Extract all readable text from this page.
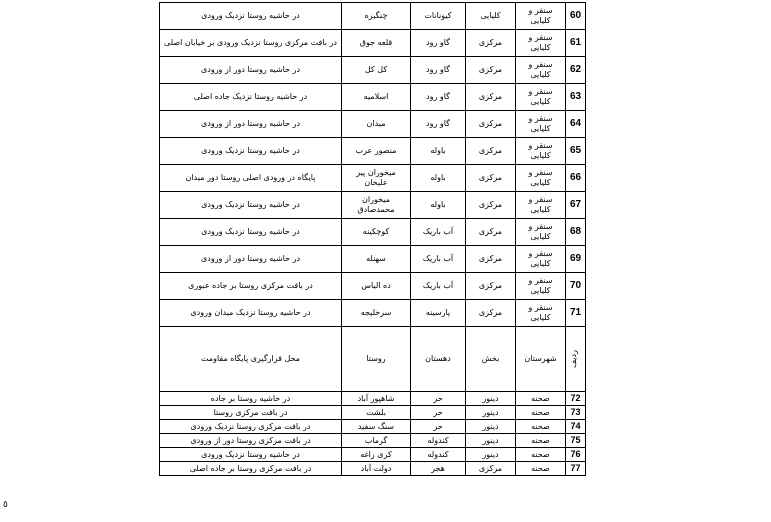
60	سنقر و کلیایی	کلیایی	کیونانات	چنگیزه	در حاشیه روستا نزدیک ورودی
61	سنقر و کلیایی	مرکزی	گاو رود	قلعه جوق	در بافت مرکزی روستا نزدیک ورودی بر خیابان اصلی
62	سنقر و کلیایی	مرکزی	گاو رود	کل کل	در حاشیه روستا دور از ورودی
63	سنقر و کلیایی	مرکزی	گاو رود	اسلامیه	در حاشیه روستا نزدیک جاده اصلی
64	سنقر و کلیایی	مرکزی	گاو رود	میدان	در حاشیه روستا دور از ورودی
65	سنقر و کلیایی	مرکزی	باوله	منصور عرب	در حاشیه روستا نزدیک ورودی
66	سنقر و کلیایی	مرکزی	باوله	میخوران پیر علیخان	پایگاه در ورودی اصلی روستا دور میدان
67	سنقر و کلیایی	مرکزی	باوله	میخوران محمدصادق	در حاشیه روستا نزدیک ورودی
68	سنقر و کلیایی	مرکزی	آب باریک	کوچکینه	در حاشیه روستا نزدیک ورودی
69	سنقر و کلیایی	مرکزی	آب باریک	سهنله	در حاشیه روستا دور از ورودی
70	سنقر و کلیایی	مرکزی	آب باریک	ده الیاس	در بافت مرکزی روستا بر جاده عبوری
71	سنقر و کلیایی	مرکزی	پارسینه	سرخلیجه	در حاشیه روستا نزدیک میدان ورودی
ردیف	شهرستان	بخش	دهستان	روستا	محل قرارگیری پایگاه مقاومت
72	صحنه	دینور	حر	شاهپور آباد	در حاشیه روستا بر جاده
73	صحنه	دینور	حر	بلشت	در بافت مرکزی روستا
74	صحنه	دینور	حر	سنگ سفید	در بافت مرکزی روستا نزدیک ورودی
75	صحنه	دینور	کندوله	گرماب	در بافت مرکزی روستا دور از ورودی
76	صحنه	دینور	کندوله	کری زاغه	در حاشیه روستا نزدیک ورودی
77	صحنه	مرکزی	هجر	دولت آباد	در بافت مرکزی روستا بر جاده اصلی
٥
